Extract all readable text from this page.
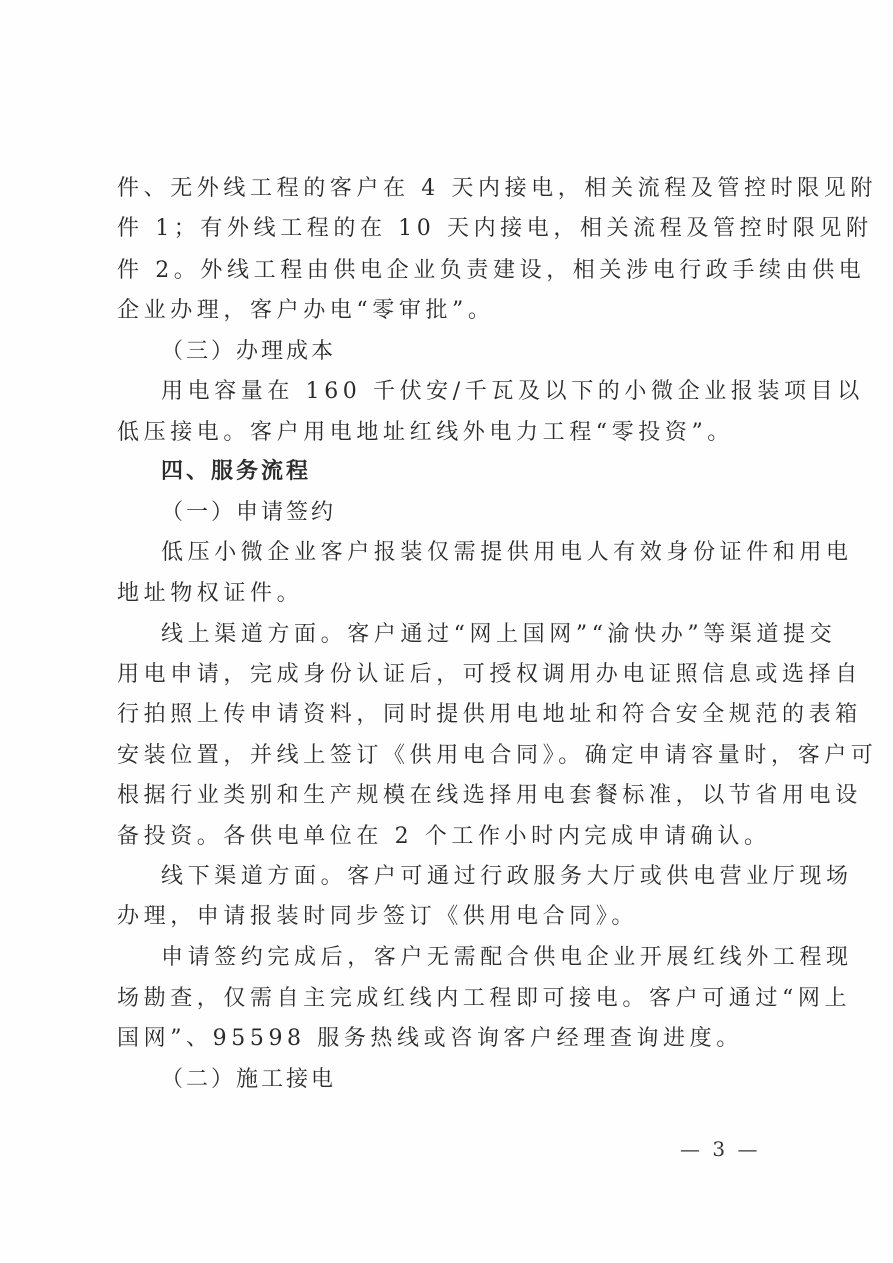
件、无外线工程的客户在 4 天内接电，相关流程及管控时限见附
件 1；有外线工程的在 10 天内接电，相关流程及管控时限见附
件 2。外线工程由供电企业负责建设，相关涉电行政手续由供电
企业办理，客户办电“零审批”。
（三）办理成本
用电容量在 160 千伏安/千瓦及以下的小微企业报装项目以
低压接电。客户用电地址红线外电力工程“零投资”。
四、服务流程
（一）申请签约
低压小微企业客户报装仅需提供用电人有效身份证件和用电
地址物权证件。
线上渠道方面。客户通过“网上国网”“渝快办”等渠道提交
用电申请，完成身份认证后，可授权调用办电证照信息或选择自
行拍照上传申请资料，同时提供用电地址和符合安全规范的表箱
安装位置，并线上签订《供用电合同》。确定申请容量时，客户可
根据行业类别和生产规模在线选择用电套餐标准，以节省用电设
备投资。各供电单位在 2 个工作小时内完成申请确认。
线下渠道方面。客户可通过行政服务大厅或供电营业厅现场
办理，申请报装时同步签订《供用电合同》。
申请签约完成后，客户无需配合供电企业开展红线外工程现
场勘查，仅需自主完成红线内工程即可接电。客户可通过“网上
国网”、95598 服务热线或咨询客户经理查询进度。
（二）施工接电
— 3 —
